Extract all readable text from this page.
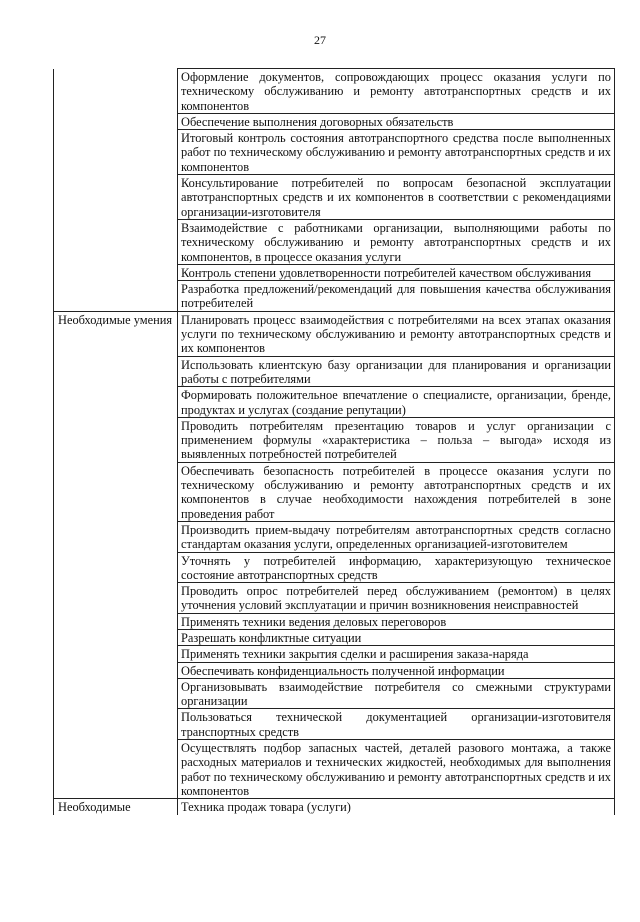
27
	Оформление документов, сопровождающих процесс оказания услуги по техническому обслуживанию и ремонту автотранспортных средств и их компонентов
	Обеспечение выполнения договорных обязательств
	Итоговый контроль состояния автотранспортного средства после выполненных работ по техническому обслуживанию и ремонту автотранспортных средств и их компонентов
	Консультирование потребителей по вопросам безопасной эксплуатации автотранспортных средств и их компонентов в соответствии с рекомендациями организации-изготовителя
	Взаимодействие с работниками организации, выполняющими работы по техническому обслуживанию и ремонту автотранспортных средств и их компонентов, в процессе оказания услуги
	Контроль степени удовлетворенности потребителей качеством обслуживания
	Разработка предложений/рекомендаций для повышения качества обслуживания потребителей
Необходимые умения	Планировать процесс взаимодействия с потребителями на всех этапах оказания услуги по техническому обслуживанию и ремонту автотранспортных средств и их компонентов
	Использовать клиентскую базу организации для планирования и организации работы с потребителями
	Формировать положительное впечатление о специалисте, организации, бренде, продуктах и услугах (создание репутации)
	Проводить потребителям презентацию товаров и услуг организации с применением формулы «характеристика – польза – выгода» исходя из выявленных потребностей потребителей
	Обеспечивать безопасность потребителей в процессе оказания услуги по техническому обслуживанию и ремонту автотранспортных средств и их компонентов в случае необходимости нахождения потребителей в зоне проведения работ
	Производить прием-выдачу потребителям автотранспортных средств согласно стандартам оказания услуги, определенных организацией-изготовителем
	Уточнять у потребителей информацию, характеризующую техническое состояние автотранспортных средств
	Проводить опрос потребителей перед обслуживанием (ремонтом) в целях уточнения условий эксплуатации и причин возникновения неисправностей
	Применять техники ведения деловых переговоров
	Разрешать конфликтные ситуации
	Применять техники закрытия сделки и расширения заказа-наряда
	Обеспечивать конфиденциальность полученной информации
	Организовывать взаимодействие потребителя со смежными структурами организации
	Пользоваться технической документацией организации-изготовителя транспортных средств
	Осуществлять подбор запасных частей, деталей разового монтажа, а также расходных материалов и технических жидкостей, необходимых для выполнения работ по техническому обслуживанию и ремонту автотранспортных средств и их компонентов
Необходимые	Техника продаж товара (услуги)
